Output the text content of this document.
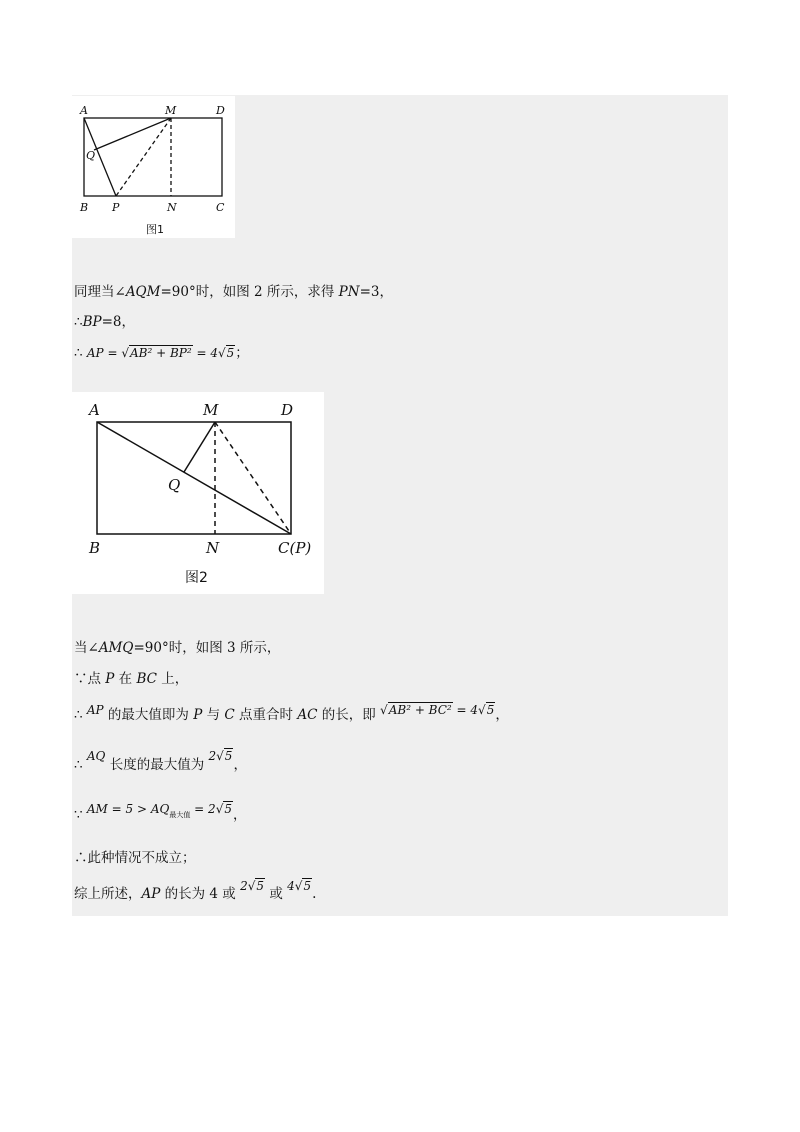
A	M	D
Q
B P	N	C
图1
同理当∠AQM=90°时，如图 2 所示，求得 PN=3，
∴BP=8，
∴ AP = √AB² + BP² = 4√5；
A	M	D
Q
B	N	C(P)
图2
当∠AMQ=90°时，如图 3 所示，
∵点 P 在 BC 上，
∴ AP 的最大值即为 P 与 C 点重合时 AC 的长，即 √AB² + BC² = 4√5，
∴ AQ 长度的最大值为 2√5，
∵ AM = 5 > AQ最大值 = 2√5，
∴此种情况不成立；
综上所述，AP 的长为 4 或 2√5 或 4√5.
